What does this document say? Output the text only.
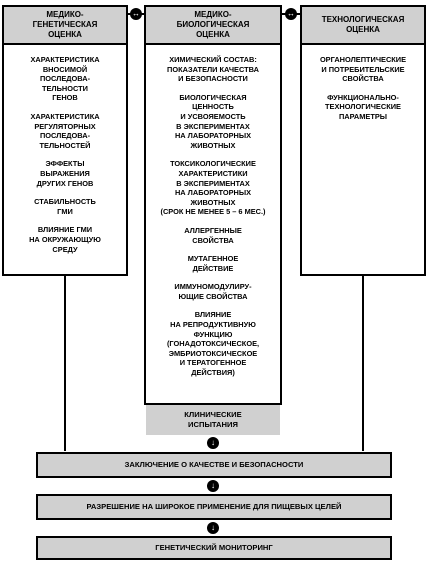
МЕДИКО-
ГЕНЕТИЧЕСКАЯ
ОЦЕНКА
ХАРАКТЕРИСТИКА
ВНОСИМОЙ
ПОСЛЕДОВА-
ТЕЛЬНОСТИ
ГЕНОВ
ХАРАКТЕРИСТИКА
РЕГУЛЯТОРНЫХ
ПОСЛЕДОВА-
ТЕЛЬНОСТЕЙ
ЭФФЕКТЫ
ВЫРАЖЕНИЯ
ДРУГИХ ГЕНОВ
СТАБИЛЬНОСТЬ
ГМИ
ВЛИЯНИЕ ГМИ
НА ОКРУЖАЮЩУЮ
СРЕДУ
МЕДИКО-
БИОЛОГИЧЕСКАЯ
ОЦЕНКА
ХИМИЧЕСКИЙ СОСТАВ:
ПОКАЗАТЕЛИ КАЧЕСТВА
И БЕЗОПАСНОСТИ
БИОЛОГИЧЕСКАЯ
ЦЕННОСТЬ
И УСВОЯЕМОСТЬ
В ЭКСПЕРИМЕНТАХ
НА ЛАБОРАТОРНЫХ
ЖИВОТНЫХ
ТОКСИКОЛОГИЧЕСКИЕ
ХАРАКТЕРИСТИКИ
В ЭКСПЕРИМЕНТАХ
НА ЛАБОРАТОРНЫХ
ЖИВОТНЫХ
(СРОК НЕ МЕНЕЕ 5 – 6 МЕС.)
АЛЛЕРГЕННЫЕ
СВОЙСТВА
МУТАГЕННОЕ
ДЕЙСТВИЕ
ИММУНОМОДУЛИРУ-
ЮЩИЕ СВОЙСТВА
ВЛИЯНИЕ
НА РЕПРОДУКТИВНУЮ
ФУНКЦИЮ
(ГОНАДОТОКСИЧЕСКОЕ,
ЭМБРИОТОКСИЧЕСКОЕ
И ТЕРАТОГЕННОЕ
ДЕЙСТВИЯ)
ТЕХНОЛОГИЧЕСКАЯ
ОЦЕНКА
ОРГАНОЛЕПТИЧЕСКИЕ
И ПОТРЕБИТЕЛЬСКИЕ
СВОЙСТВА
ФУНКЦИОНАЛЬНО-
ТЕХНОЛОГИЧЕСКИЕ
ПАРАМЕТРЫ
↔	↔
КЛИНИЧЕСКИЕ
ИСПЫТАНИЯ
↓
ЗАКЛЮЧЕНИЕ О КАЧЕСТВЕ И БЕЗОПАСНОСТИ
↓
РАЗРЕШЕНИЕ НА ШИРОКОЕ ПРИМЕНЕНИЕ ДЛЯ ПИЩЕВЫХ ЦЕЛЕЙ
↓
ГЕНЕТИЧЕСКИЙ МОНИТОРИНГ
